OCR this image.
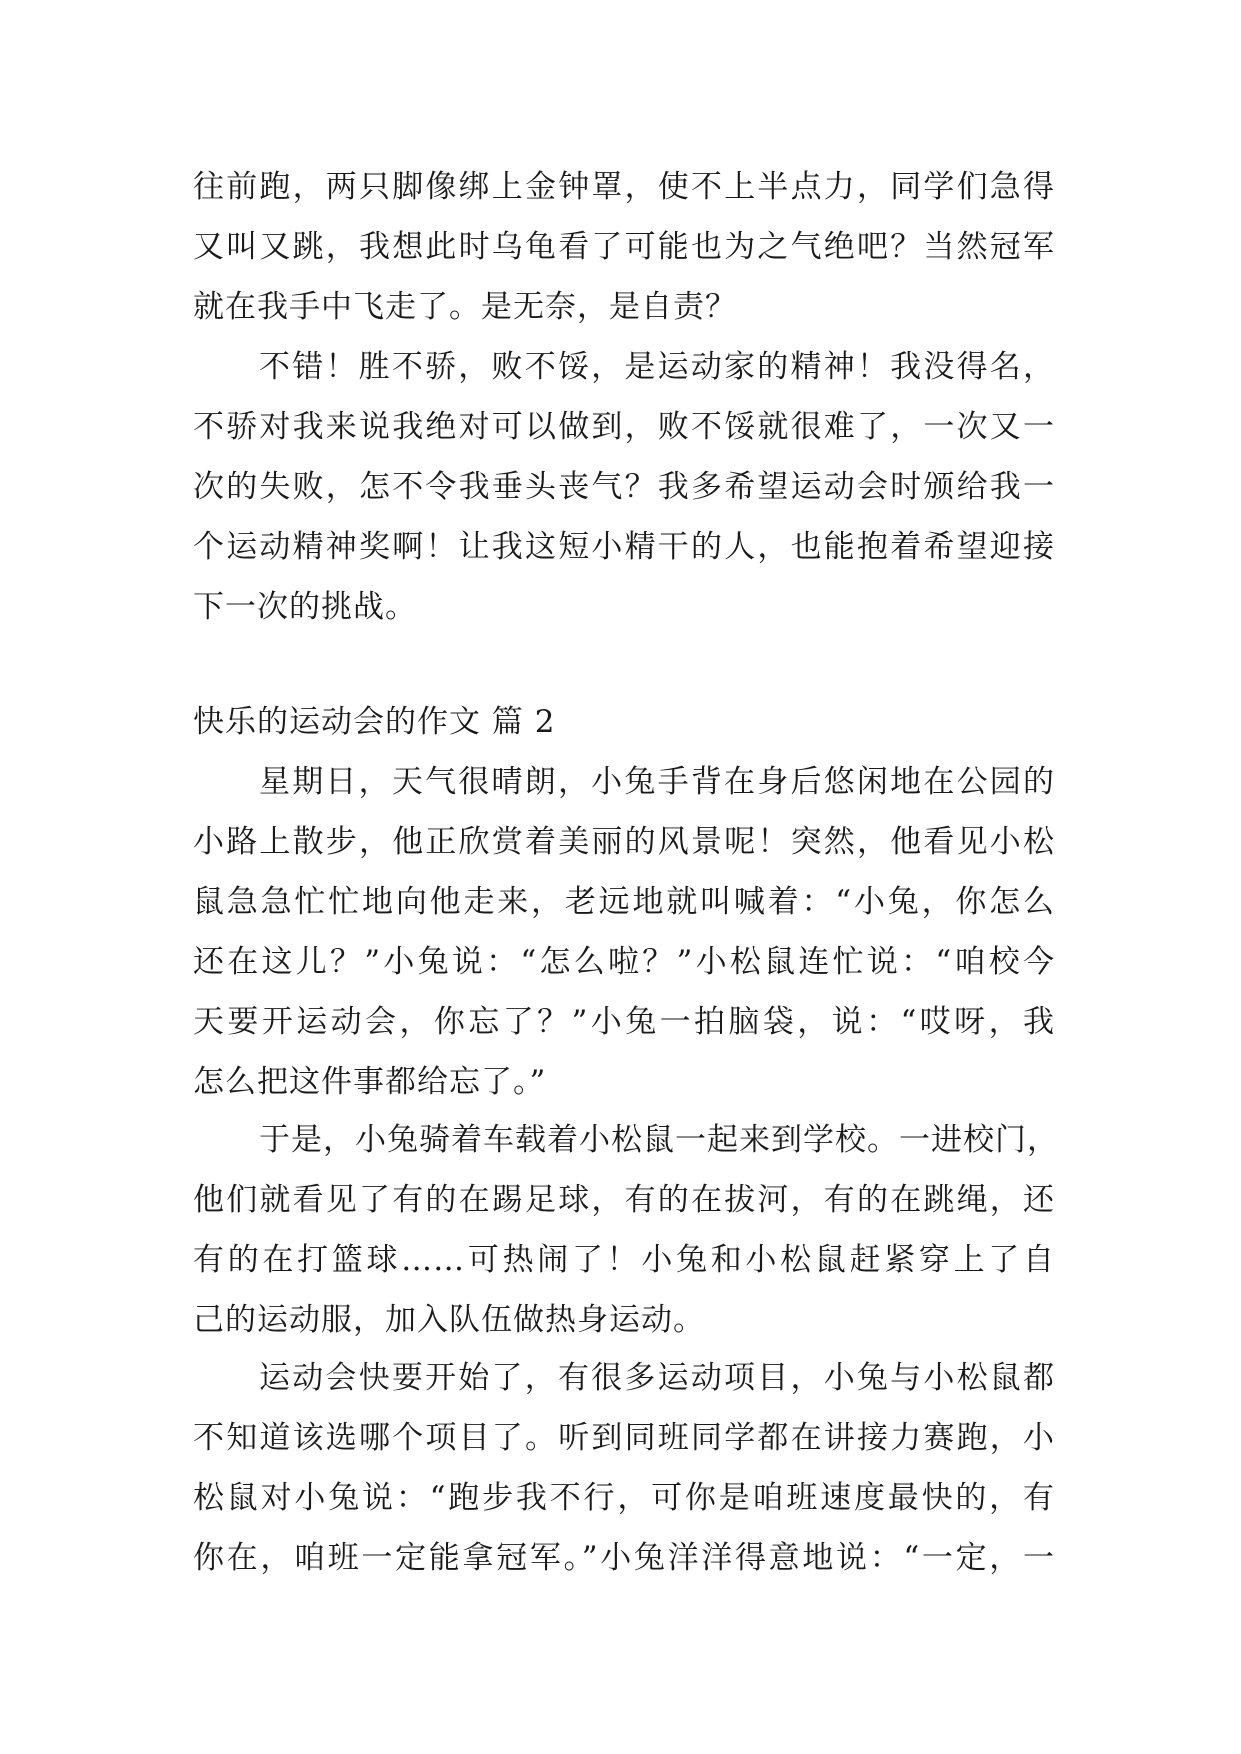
往前跑，两只脚像绑上金钟罩，使不上半点力，同学们急得
又叫又跳，我想此时乌龟看了可能也为之气绝吧？当然冠军
就在我手中飞走了。是无奈，是自责？
不错！胜不骄，败不馁，是运动家的精神！我没得名，
不骄对我来说我绝对可以做到，败不馁就很难了，一次又一
次的失败，怎不令我垂头丧气？我多希望运动会时颁给我一
个运动精神奖啊！让我这短小精干的人，也能抱着希望迎接
下一次的挑战。
快乐的运动会的作文 篇 2
星期日，天气很晴朗，小兔手背在身后悠闲地在公园的
小路上散步，他正欣赏着美丽的风景呢！突然，他看见小松
鼠急急忙忙地向他走来，老远地就叫喊着：“小兔，你怎么
还在这儿？”小兔说：“怎么啦？”小松鼠连忙说：“咱校今
天要开运动会，你忘了？”小兔一拍脑袋，说：“哎呀，我
怎么把这件事都给忘了。”
于是，小兔骑着车载着小松鼠一起来到学校。一进校门，
他们就看见了有的在踢足球，有的在拔河，有的在跳绳，还
有的在打篮球……可热闹了！小兔和小松鼠赶紧穿上了自
己的运动服，加入队伍做热身运动。
运动会快要开始了，有很多运动项目，小兔与小松鼠都
不知道该选哪个项目了。听到同班同学都在讲接力赛跑，小
松鼠对小兔说：“跑步我不行，可你是咱班速度最快的，有
你在，咱班一定能拿冠军。”小兔洋洋得意地说：“一定，一
